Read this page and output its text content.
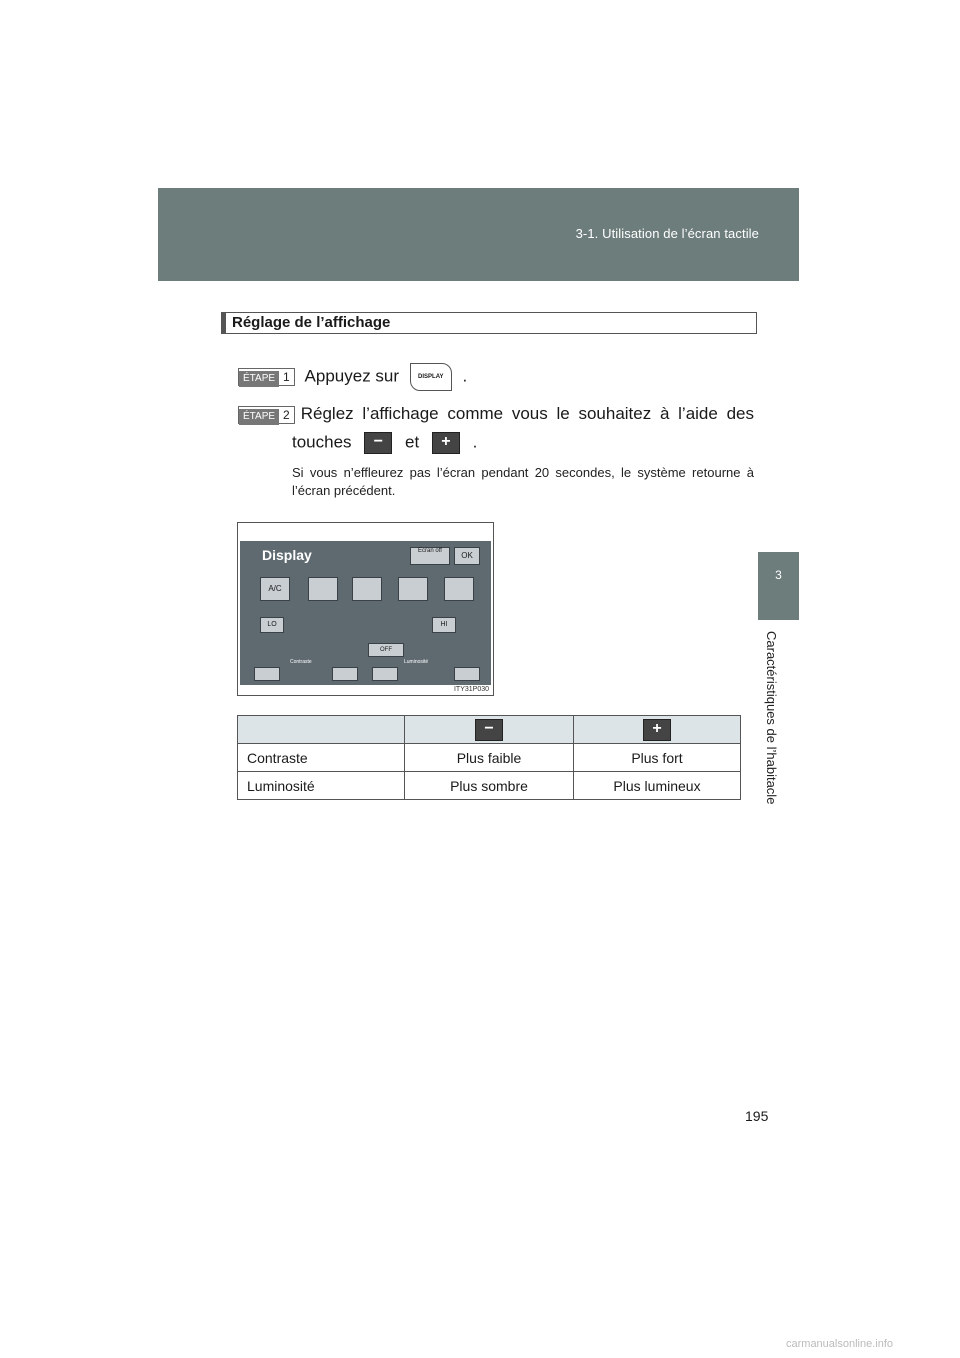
3-1. Utilisation de l’écran tactile
3
Caractéristiques de l’habitacle
Réglage de l’affichage
ÉTAPE 1 Appuyez sur	DISPLAY .
ÉTAPE 2 Réglez l’affichage comme vous le souhaitez à l’aide des
touches − et + .
Si vous n’effleurez pas l’écran pendant 20 secondes, le système retourne à l’écran précédent.
Display	Ecran off	OK
A/C
LO	HI
OFF
Contraste	Luminosité
ITY31P030
	−	+
Contraste	Plus faible	Plus fort
Luminosité	Plus sombre	Plus lumineux
195
carmanualsonline.info
